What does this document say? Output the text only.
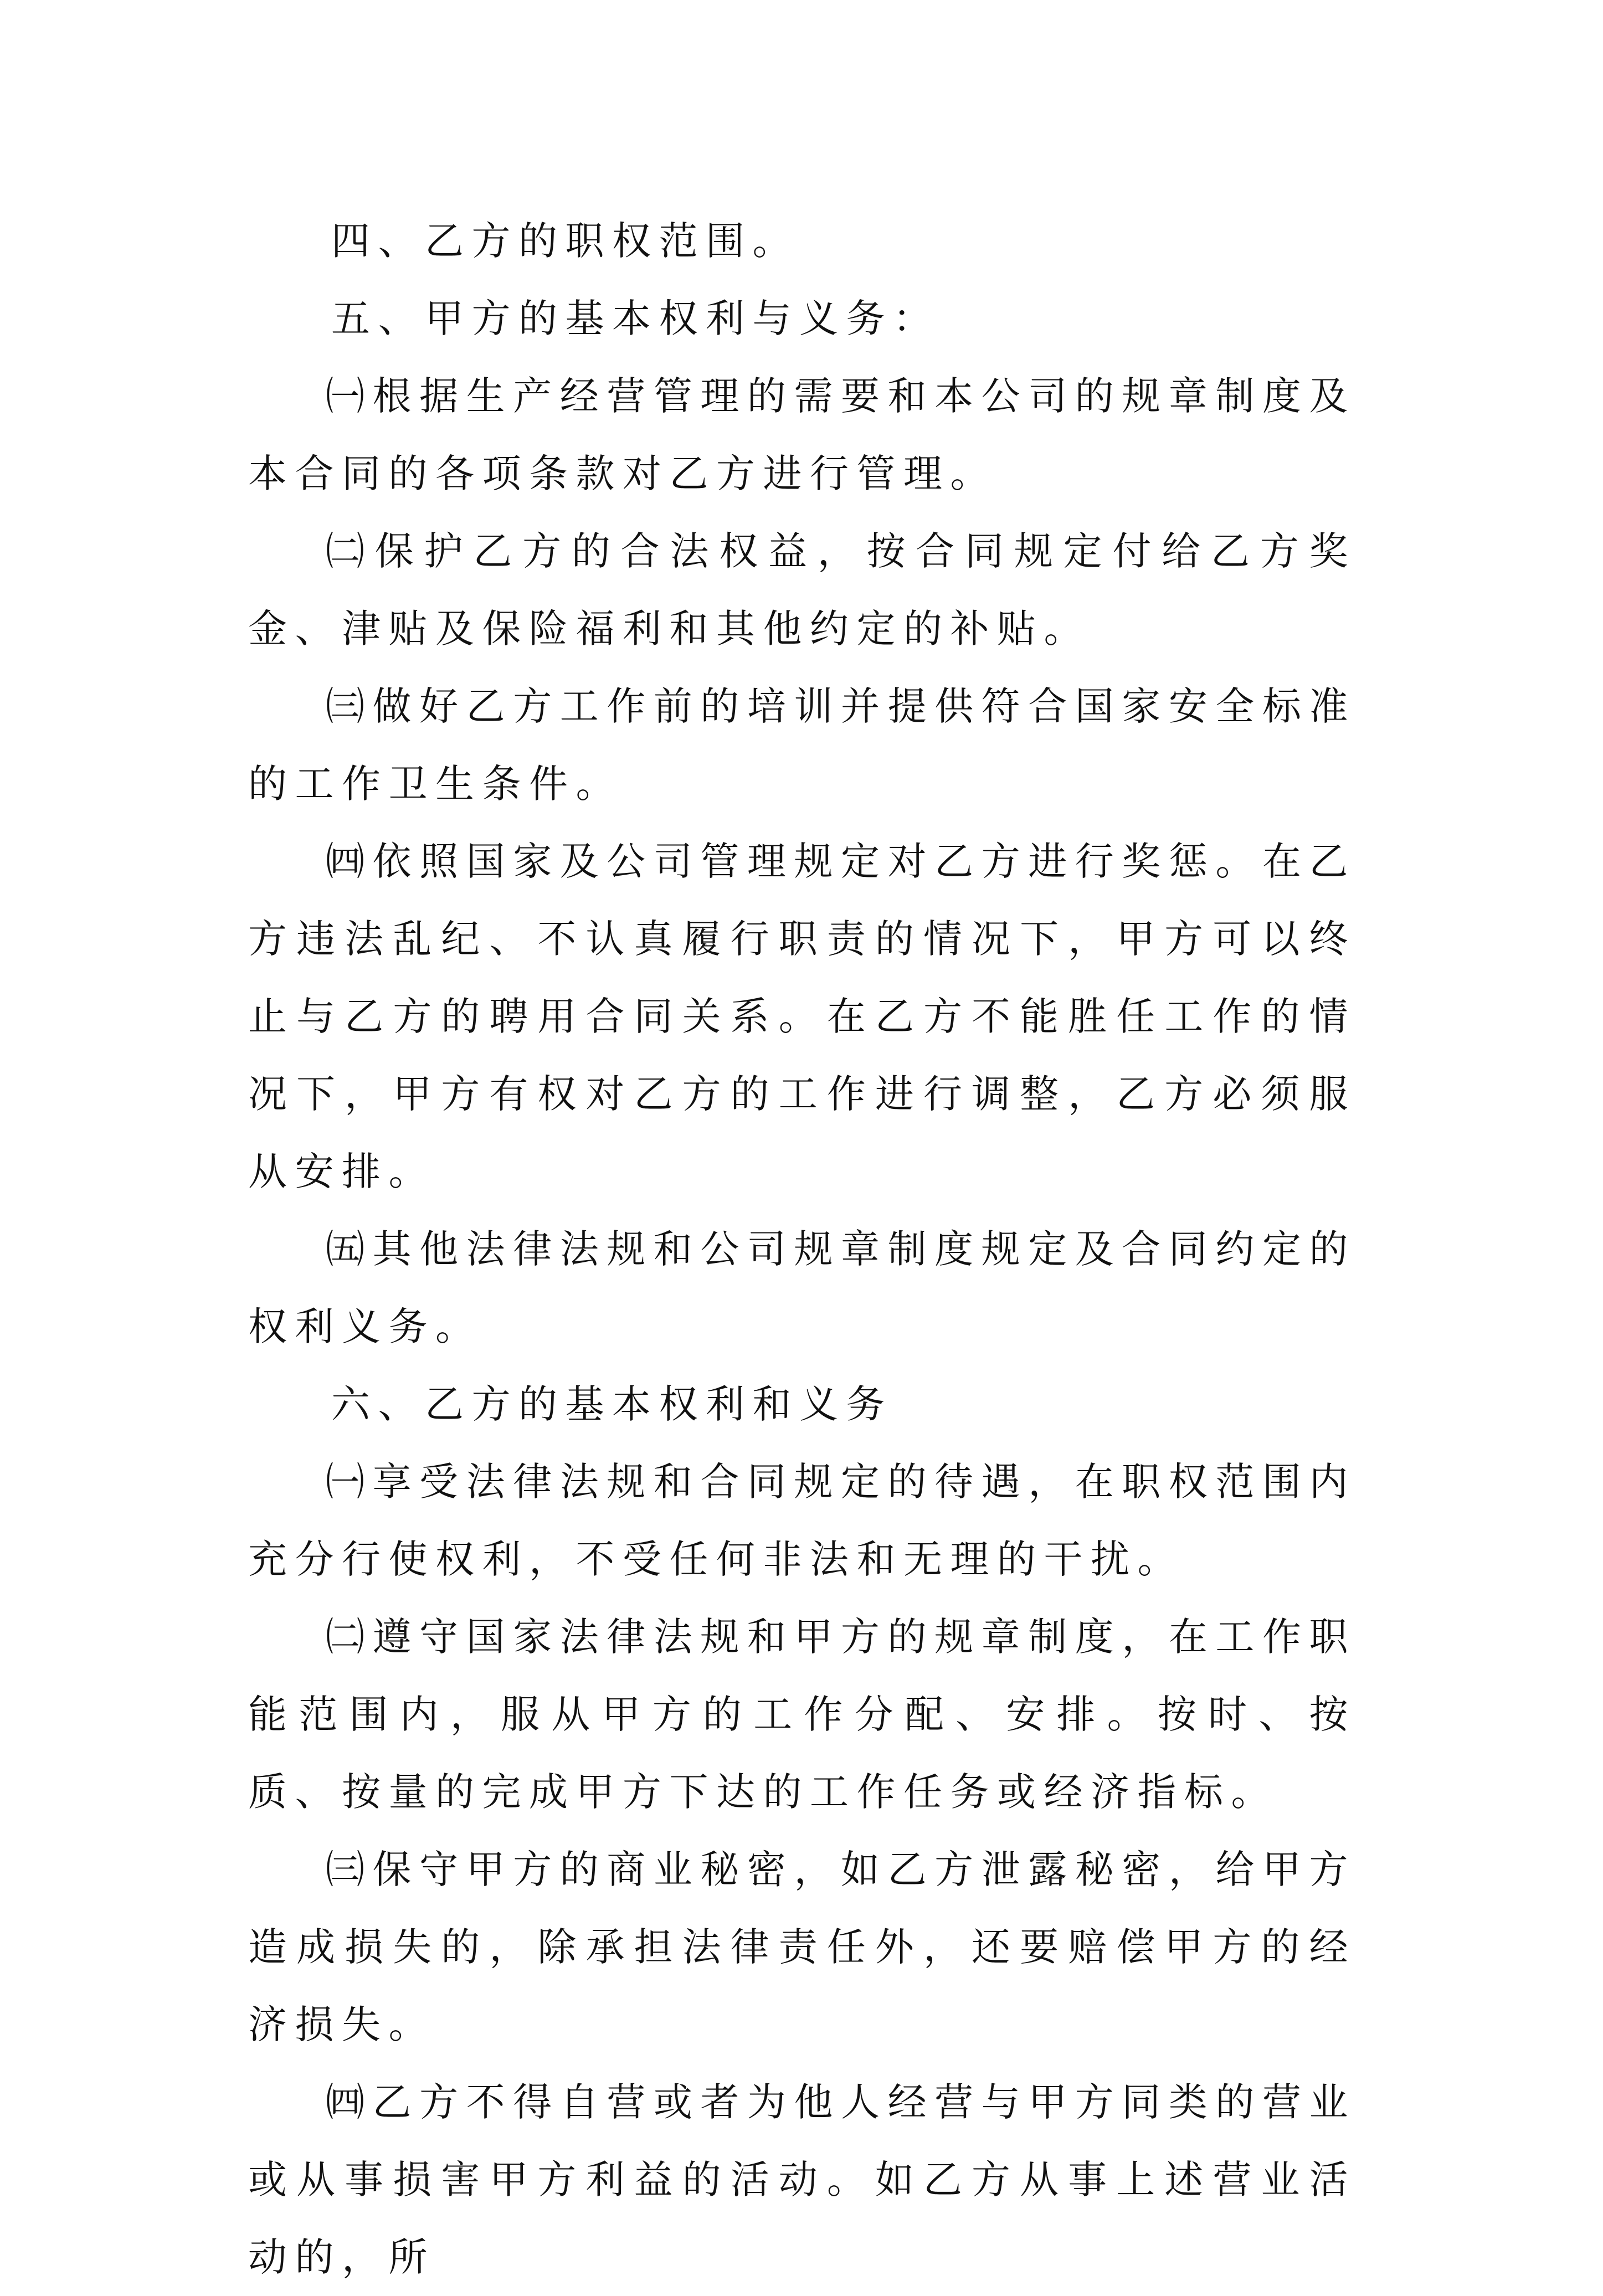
四、乙方的职权范围。

五、甲方的基本权利与义务：

㈠根据生产经营管理的需要和本公司的规章制度及本合同的各项条款对乙方进行管理。

㈡保护乙方的合法权益，按合同规定付给乙方奖金、津贴及保险福利和其他约定的补贴。

㈢做好乙方工作前的培训并提供符合国家安全标准的工作卫生条件。

㈣依照国家及公司管理规定对乙方进行奖惩。在乙方违法乱纪、不认真履行职责的情况下，甲方可以终止与乙方的聘用合同关系。在乙方不能胜任工作的情况下，甲方有权对乙方的工作进行调整，乙方必须服从安排。

㈤其他法律法规和公司规章制度规定及合同约定的权利义务。

六、乙方的基本权利和义务

㈠享受法律法规和合同规定的待遇，在职权范围内充分行使权利，不受任何非法和无理的干扰。

㈡遵守国家法律法规和甲方的规章制度，在工作职能范围内，服从甲方的工作分配、安排。按时、按质、按量的完成甲方下达的工作任务或经济指标。

㈢保守甲方的商业秘密，如乙方泄露秘密，给甲方造成损失的，除承担法律责任外，还要赔偿甲方的经济损失。

㈣乙方不得自营或者为他人经营与甲方同类的营业或从事损害甲方利益的活动。如乙方从事上述营业活动的，所
